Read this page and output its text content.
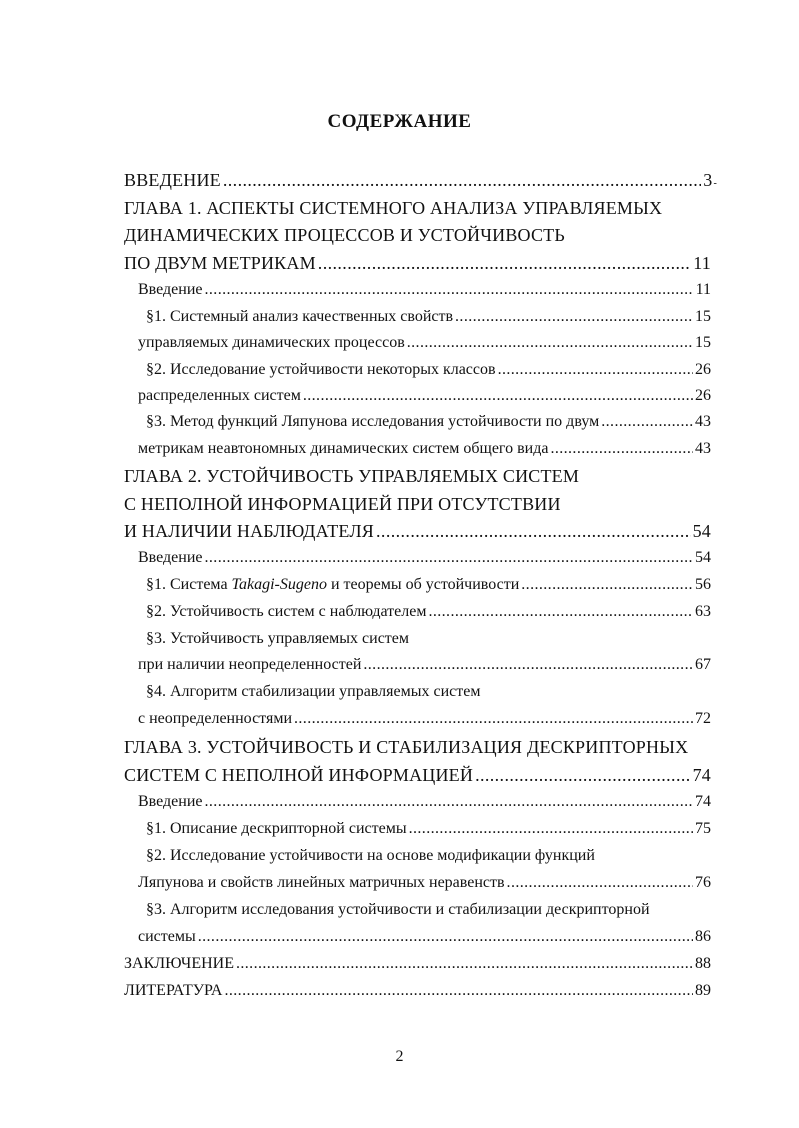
СОДЕРЖАНИЕ
ВВЕДЕНИЕ .....	3 -
ГЛАВА 1. АСПЕКТЫ СИСТЕМНОГО АНАЛИЗА УПРАВЛЯЕМЫХ
ДИНАМИЧЕСКИХ ПРОЦЕССОВ И УСТОЙЧИВОСТЬ
ПО ДВУМ МЕТРИКАМ .....	11
Введение .....	11
§1. Системный анализ качественных свойств .....	15
управляемых динамических процессов .....	15
§2. Исследование устойчивости некоторых классов .....	26
распределенных систем .....	26
§3. Метод функций Ляпунова исследования устойчивости по двум .....	43
метрикам неавтономных динамических систем общего вида .....	43
ГЛАВА 2. УСТОЙЧИВОСТЬ УПРАВЛЯЕМЫХ СИСТЕМ
С НЕПОЛНОЙ ИНФОРМАЦИЕЙ ПРИ ОТСУТСТВИИ
И НАЛИЧИИ НАБЛЮДАТЕЛЯ .....	54
Введение .....	54
§1. Система Takagi-Sugeno и теоремы об устойчивости .....	56
§2. Устойчивость систем с наблюдателем .....	63
§3. Устойчивость управляемых систем
при наличии неопределенностей .....	67
§4. Алгоритм стабилизации управляемых систем
с неопределенностями .....	72
ГЛАВА 3. УСТОЙЧИВОСТЬ И СТАБИЛИЗАЦИЯ ДЕСКРИПТОРНЫХ
СИСТЕМ С НЕПОЛНОЙ ИНФОРМАЦИЕЙ .....	74
Введение .....	74
§1. Описание дескрипторной системы .....	75
§2. Исследование устойчивости на основе модификации функций
Ляпунова и свойств линейных матричных неравенств .....	76
§3. Алгоритм исследования устойчивости и стабилизации дескрипторной
системы .....	86
ЗАКЛЮЧЕНИЕ .....	88
ЛИТЕРАТУРА .....	89
2
